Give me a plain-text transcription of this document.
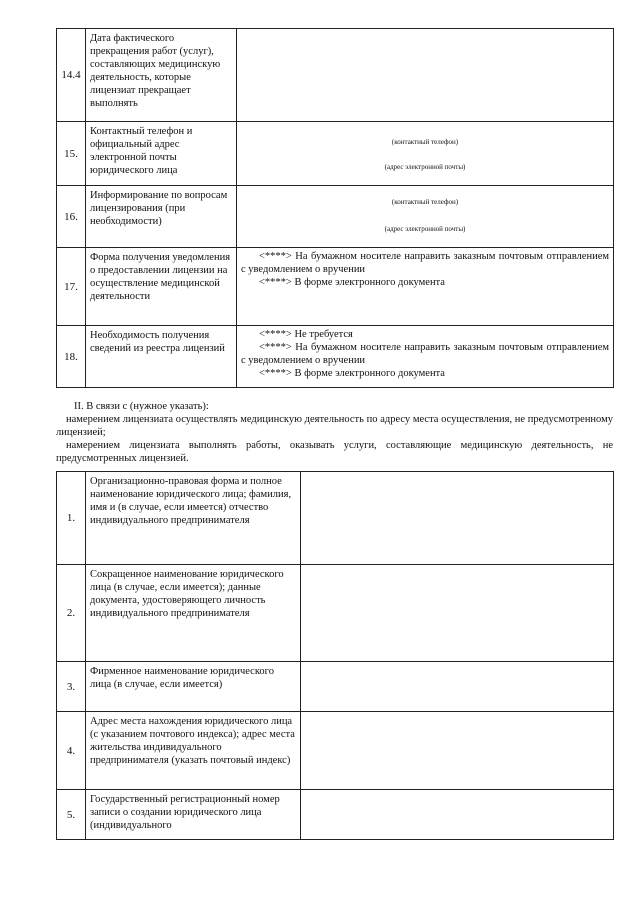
14.4	Дата фактического прекращения работ (услуг), составляющих медицинскую деятельность, которые лицензиат прекращает выполнять	
15.	Контактный телефон и официальный адрес электронной почты юридического лица	(контактный телефон)
(адрес электронной почты)

16.	Информирование по вопросам лицензирования (при необходимости)	(контактный телефон)
(адрес электронной почты)

17.	Форма получения уведомления о предоставлении лицензии на осуществление медицинской деятельности	<****> На бумажном носителе направить заказным почтовым отправлением с уведомлением о вручении
<****> В форме электронного документа

18.	Необходимость получения сведений из реестра лицензий	<****> Не требуется
<****> На бумажном носителе направить заказным почтовым отправлением с уведомлением о вручении
<****> В форме электронного документа

II. В связи с (нужное указать):

намерением лицензиата осуществлять медицинскую деятельность по адресу места осуществления, не предусмотренному лицензией;

намерением лицензиата выполнять работы, оказывать услуги, составляющие медицинскую деятельность, не предусмотренных лицензией.

1.	Организационно-правовая форма и полное наименование юридического лица; фамилия, имя и (в случае, если имеется) отчество индивидуального предпринимателя	
2.	Сокращенное наименование юридического лица (в случае, если имеется); данные документа, удостоверяющего личность индивидуального предпринимателя	
3.	Фирменное наименование юридического лица (в случае, если имеется)	
4.	Адрес места нахождения юридического лица (с указанием почтового индекса); адрес места жительства индивидуального предпринимателя (указать почтовый индекс)	
5.	Государственный регистрационный номер записи о создании юридического лица (индивидуального	
